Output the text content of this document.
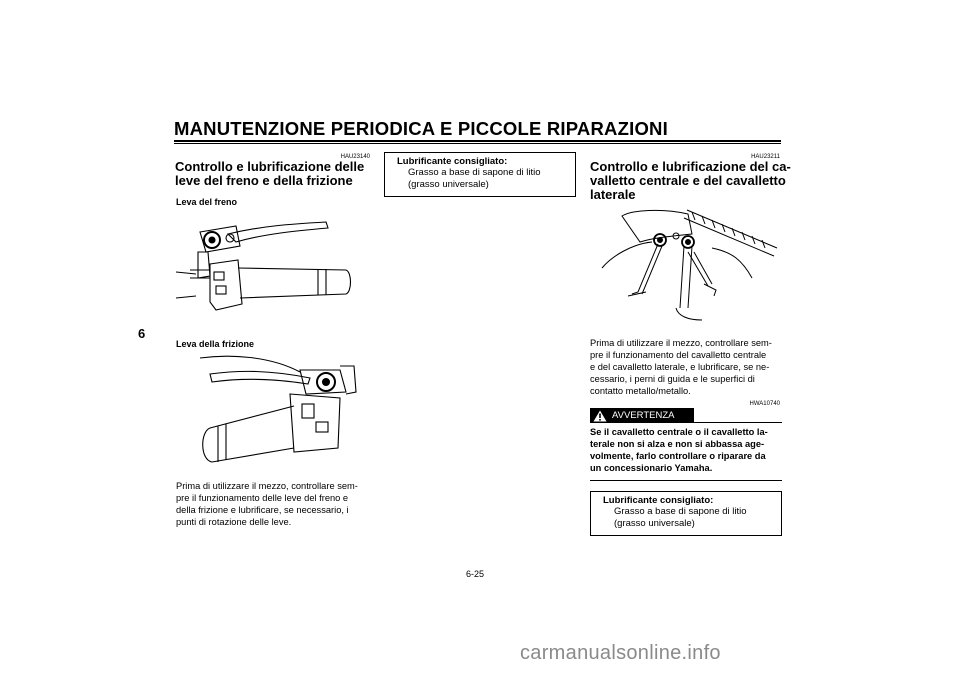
MANUTENZIONE PERIODICA E PICCOLE RIPARAZIONI
6
HAU23140
Controllo e lubrificazione delle
leve del freno e della frizione
Leva del freno
Leva della frizione
Prima di utilizzare il mezzo, controllare sem-
pre il funzionamento delle leve del freno e
della frizione e lubrificare, se necessario, i
punti di rotazione delle leve.
Lubrificante consigliato:
Grasso a base di sapone di litio
(grasso universale)
HAU23211
Controllo e lubrificazione del ca-
valletto centrale e del cavalletto
laterale
Prima di utilizzare il mezzo, controllare sem-
pre il funzionamento del cavalletto centrale
e del cavalletto laterale, e lubrificare, se ne-
cessario, i perni di guida e le superfici di
contatto metallo/metallo.
HWA10740
AVVERTENZA
Se il cavalletto centrale o il cavalletto la-
terale non si alza e non si abbassa age-
volmente, farlo controllare o riparare da
un concessionario Yamaha.
Lubrificante consigliato:
Grasso a base di sapone di litio
(grasso universale)
6-25
carmanualsonline.info
